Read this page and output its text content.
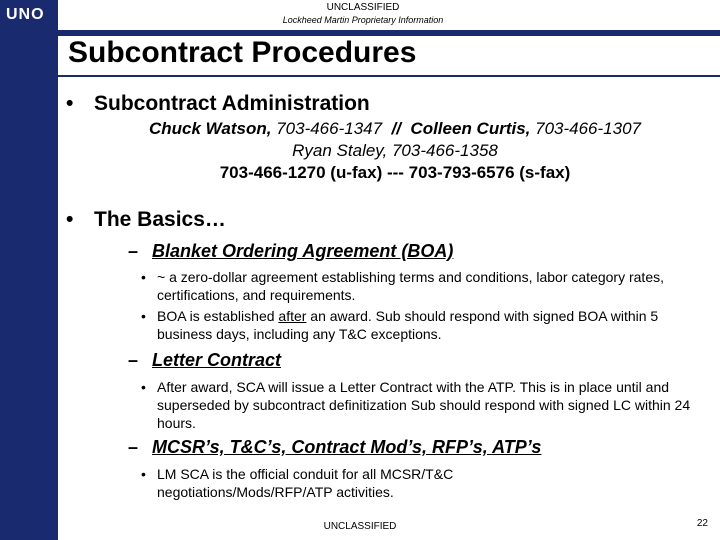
UNO	UNCLASSIFIED
Lockheed Martin Proprietary Information
Subcontract Procedures
• Subcontract Administration
Chuck Watson, 703-466-1347  //  Colleen Curtis, 703-466-1307
Ryan Staley, 703-466-1358
703-466-1270 (u-fax) --- 703-793-6576 (s-fax)
• The Basics…
– Blanket Ordering Agreement (BOA)
• ~ a zero-dollar agreement establishing terms and conditions, labor category rates, certifications, and requirements.
• BOA is established after an award. Sub should respond with signed BOA within 5 business days, including any T&C exceptions.
– Letter Contract
• After award, SCA will issue a Letter Contract with the ATP. This is in place until and superseded by subcontract definitization Sub should respond with signed LC within 24 hours.
– MCSR’s, T&C’s, Contract Mod’s, RFP’s, ATP’s
• LM SCA is the official conduit for all MCSR/T&C negotiations/Mods/RFP/ATP activities.
UNCLASSIFIED	22
